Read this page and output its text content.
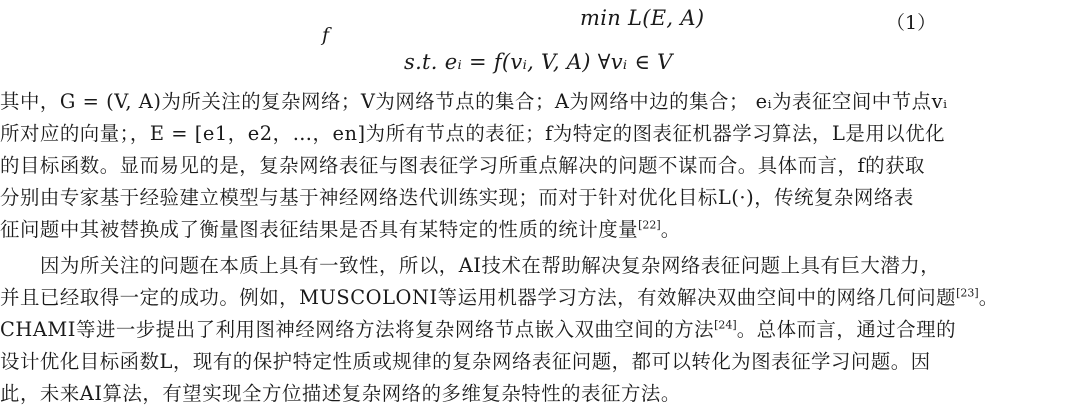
f
min L(E, A)
s.t. eᵢ = f(vᵢ, V, A) ∀vᵢ ∈ V
（1）
其中，G = (V, A)为所关注的复杂网络；V为网络节点的集合；A为网络中边的集合； eᵢ为表征空间中节点vᵢ
所对应的向量；，E = [e1，e2，…，en]为所有节点的表征；f为特定的图表征机器学习算法，L是用以优化
的目标函数。显而易见的是，复杂网络表征与图表征学习所重点解决的问题不谋而合。具体而言，f的获取
分别由专家基于经验建立模型与基于神经网络迭代训练实现；而对于针对优化目标L(·)，传统复杂网络表
征问题中其被替换成了衡量图表征结果是否具有某特定的性质的统计度量[22]。
因为所关注的问题在本质上具有一致性，所以，AI技术在帮助解决复杂网络表征问题上具有巨大潜力，
并且已经取得一定的成功。例如，MUSCOLONI等运用机器学习方法，有效解决双曲空间中的网络几何问题[23]。
CHAMI等进一步提出了利用图神经网络方法将复杂网络节点嵌入双曲空间的方法[24]。总体而言，通过合理的
设计优化目标函数L，现有的保护特定性质或规律的复杂网络表征问题，都可以转化为图表征学习问题。因
此，未来AI算法，有望实现全方位描述复杂网络的多维复杂特性的表征方法。
